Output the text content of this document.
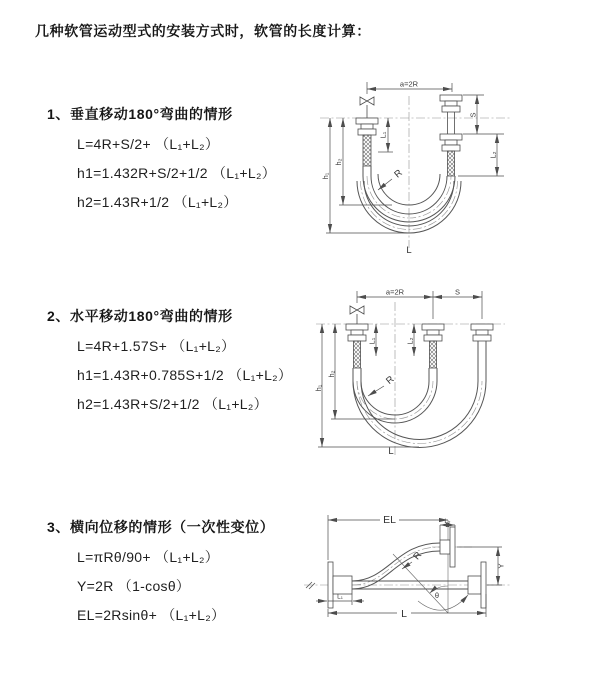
几种软管运动型式的安装方式时，软管的长度计算：
1、垂直移动180°弯曲的情形
L=4R+S/2+ （L₁+L₂）
h1=1.432R+S/2+1/2 （L₁+L₂）
h2=1.43R+1/2 （L₁+L₂）
a=2R
L₁
h₂
h₁
S
L₂
R
L
2、水平移动180°弯曲的情形
L=4R+1.57S+ （L₁+L₂）
h1=1.43R+0.785S+1/2 （L₁+L₂）
h2=1.43R+S/2+1/2 （L₁+L₂）
a=2R	S
L₁	L₂
h₁
h₂	R
L
3、横向位移的情形（一次性变位）
L=πRθ/90+ （L₁+L₂）
Y=2R （1-cosθ）
EL=2Rsinθ+ （L₁+L₂）
EL	L₂
Y
L
L₁
R
θ
